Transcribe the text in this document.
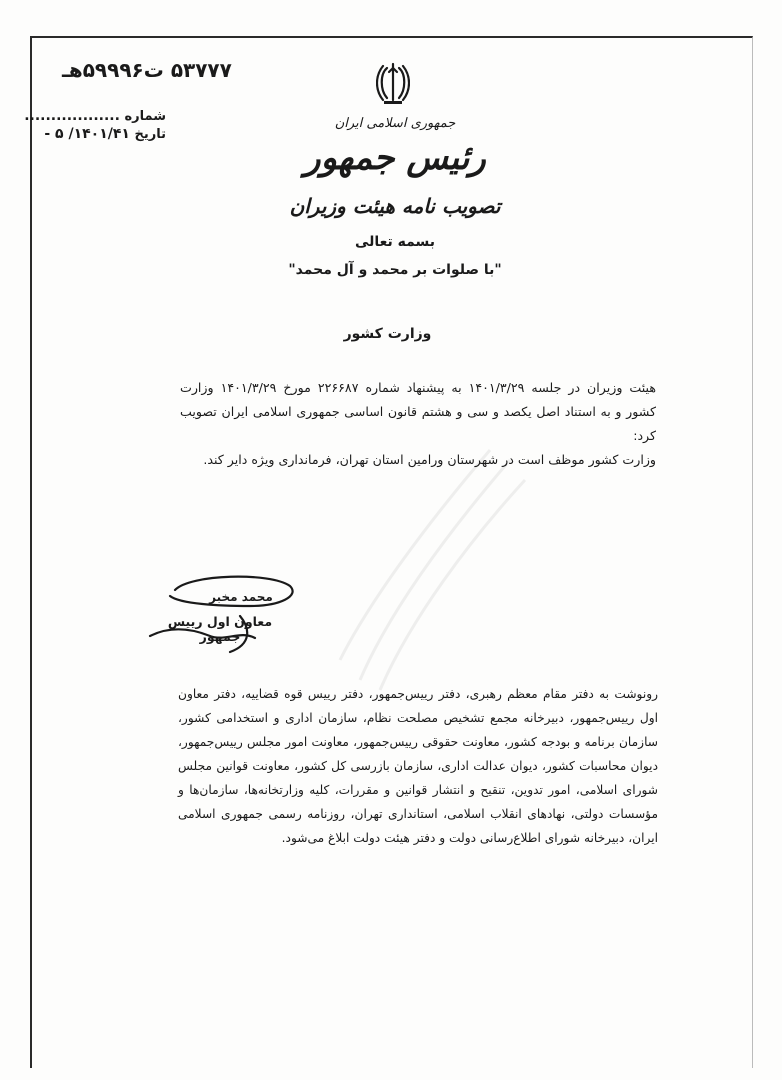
۵۳۷۷۷ ت۵۹۹۹۶هـ
شماره ..................
تاریخ ۱۴۰۱/۴۱/ ۵ -
جمهوری اسلامی ایران
رئیس جمهور
تصویب نامه هیئت وزیران
بسمه تعالی
"با صلوات بر محمد و آل محمد"
وزارت کشور

هیئت وزیران در جلسه ۱۴۰۱/۳/۲۹ به پیشنهاد شماره ۲۲۶۶۸۷ مورخ ۱۴۰۱/۳/۲۹ وزارت کشور و به استناد اصل یکصد و سی و هشتم قانون اساسی جمهوری اسلامی ایران تصویب کرد:

وزارت کشور موظف است در شهرستان ورامین استان تهران، فرمانداری ویژه دایر کند.

محمد مخبر
معاون اول رییس جمهور

رونوشت به دفتر مقام معظم رهبری، دفتر رییس‌جمهور، دفتر رییس قوه قضاییه، دفتر معاون اول رییس‌جمهور، دبیرخانه مجمع تشخیص مصلحت نظام، سازمان اداری و استخدامی کشور، سازمان برنامه و بودجه کشور، معاونت حقوقی رییس‌جمهور، معاونت امور مجلس رییس‌جمهور، دیوان محاسبات کشور، دیوان عدالت اداری، سازمان بازرسی کل کشور، معاونت قوانین مجلس شورای اسلامی، امور تدوین، تنقیح و انتشار قوانین و مقررات، کلیه وزارتخانه‌ها، سازمان‌ها و مؤسسات دولتی، نهادهای انقلاب اسلامی، استانداری تهران، روزنامه رسمی جمهوری اسلامی ایران، دبیرخانه شورای اطلاع‌رسانی دولت و دفتر هیئت دولت ابلاغ می‌شود.
